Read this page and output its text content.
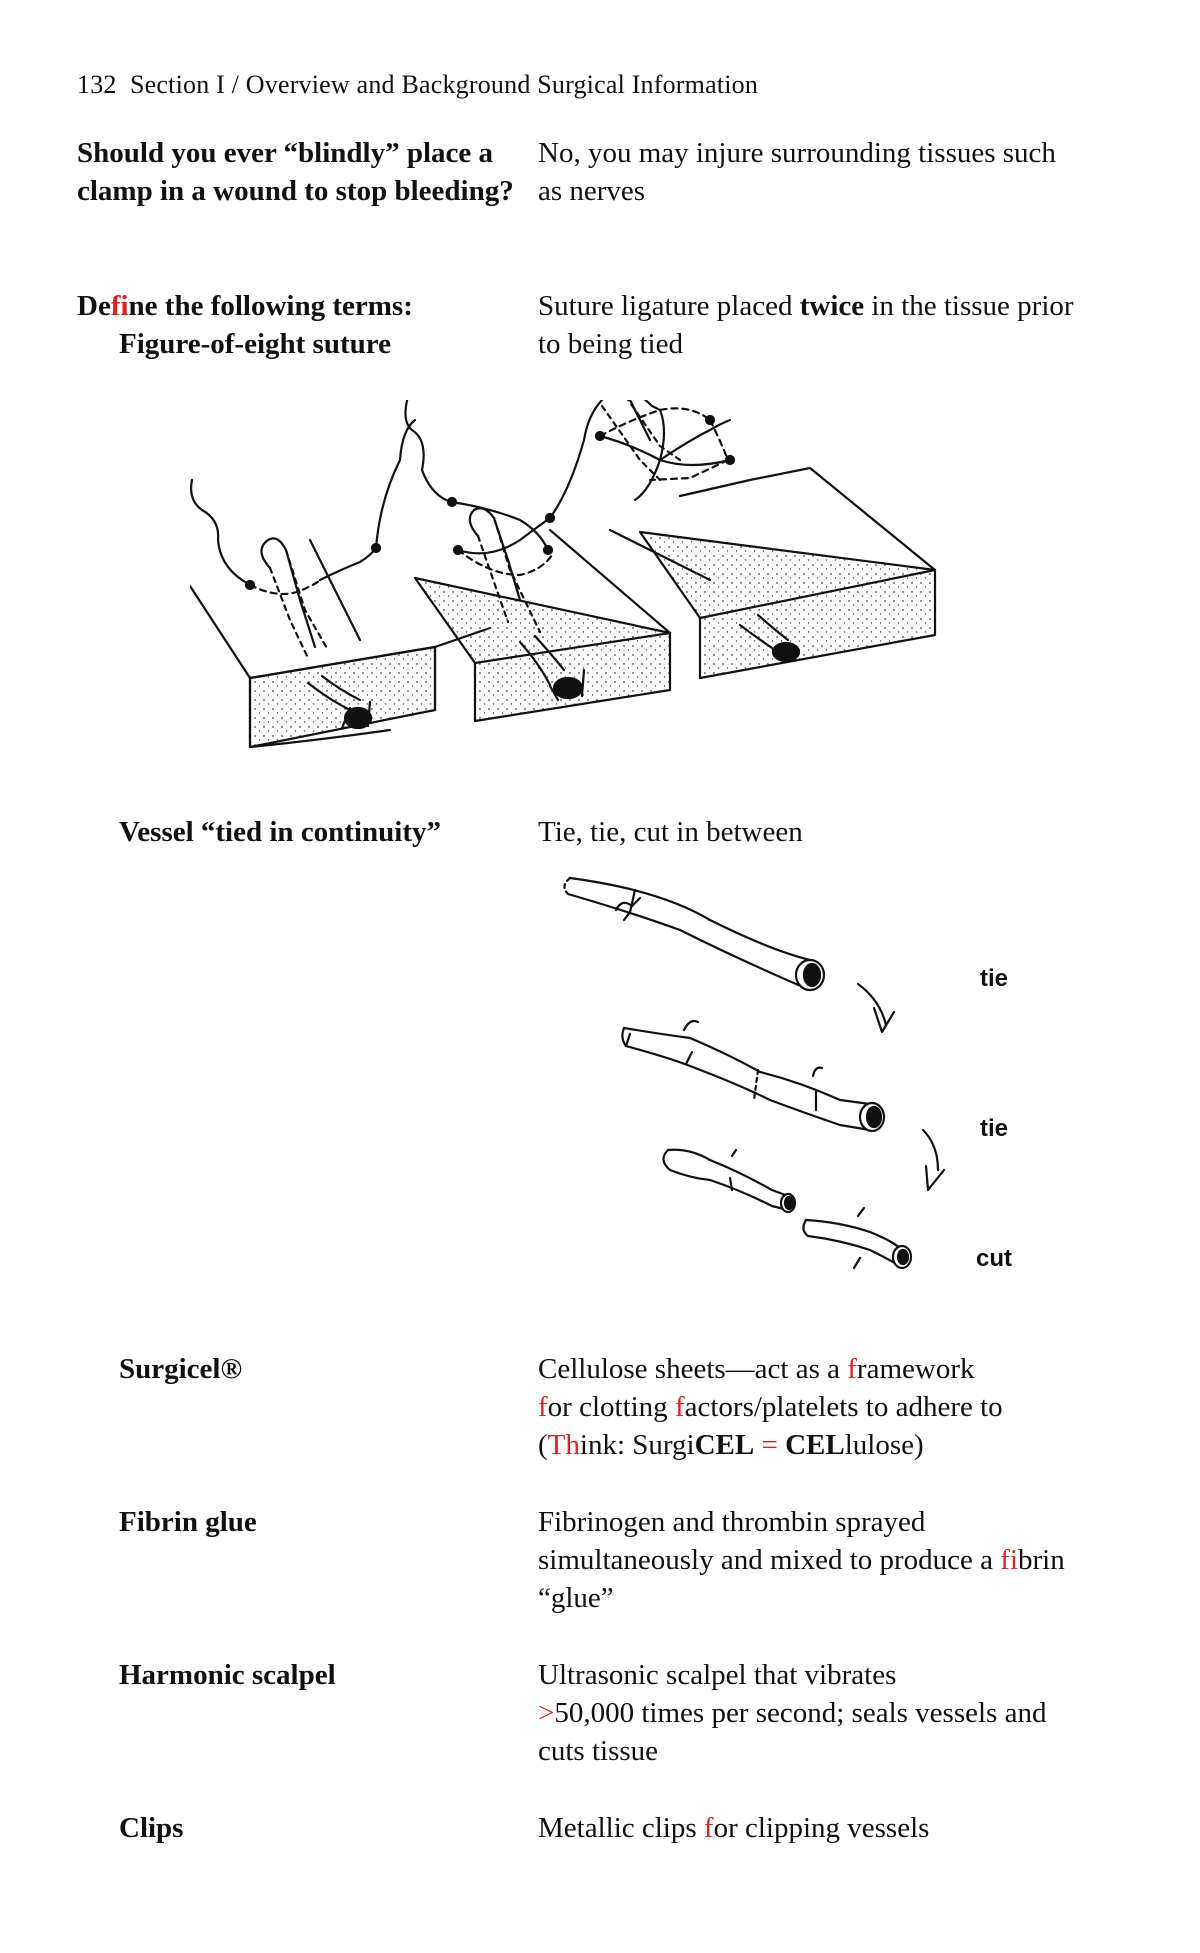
132 Section I / Overview and Background Surgical Information
Should you ever “blindly” place a clamp in a wound to stop bleeding?
No, you may injure surrounding tissues such as nerves
Define the following terms:
Figure-of-eight suture
Suture ligature placed twice in the tissue prior to being tied
Vessel “tied in continuity”	Tie, tie, cut in between
tie
tie
cut
Surgicel®	Cellulose sheets—act as a framework
for clotting factors/platelets to adhere to
(Think: SurgiCEL = CELlulose)
Fibrin glue	Fibrinogen and thrombin sprayed simultaneously and mixed to produce a fibrin “glue”
Harmonic scalpel	Ultrasonic scalpel that vibrates
>50,000 times per second; seals vessels and cuts tissue
Clips	Metallic clips for clipping vessels
